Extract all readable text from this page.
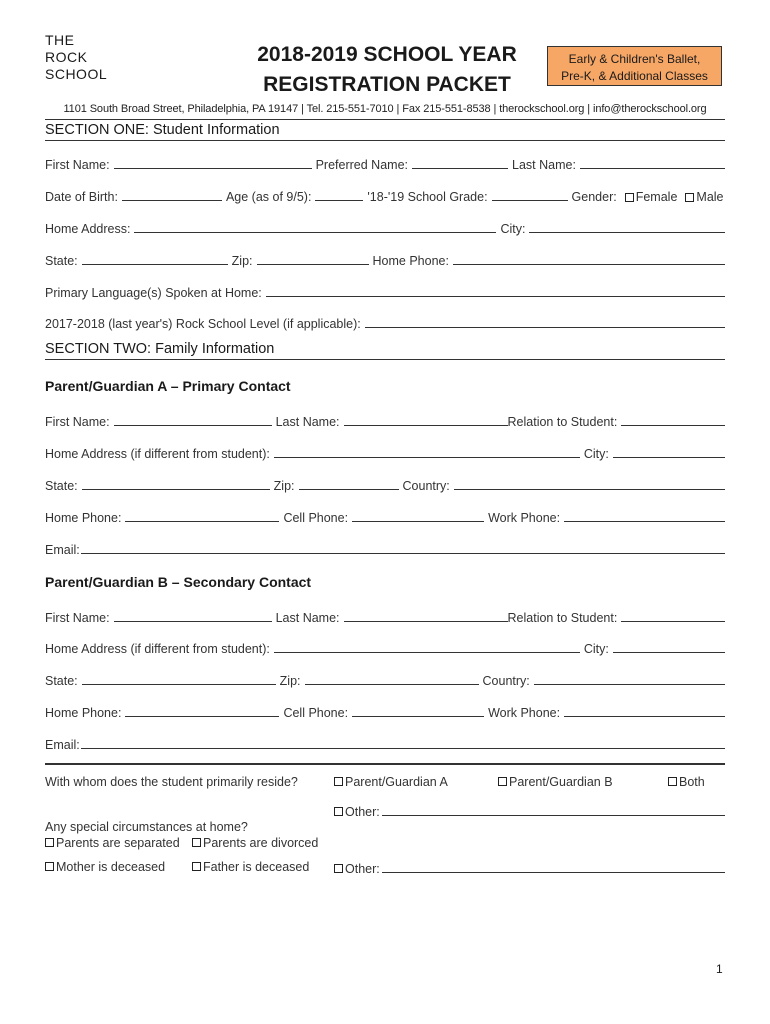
THE
ROCK
SCHOOL
2018-2019 SCHOOL YEAR
REGISTRATION PACKET
Early & Children's Ballet,
Pre-K, & Additional Classes
1101 South Broad Street, Philadelphia, PA 19147 | Tel. 215-551-7010 | Fax 215-551-8538 | therockschool.org | info@therockschool.org
SECTION ONE: Student Information
First Name:	Preferred Name:	Last Name:
Date of Birth:	Age (as of 9/5):	'18-'19 School Grade:	Gender:	Female Male
Home Address:	City:
State:	Zip:	Home Phone:
Primary Language(s) Spoken at Home:
2017-2018 (last year's) Rock School Level (if applicable):
SECTION TWO: Family Information
Parent/Guardian A – Primary Contact
First Name:	Last Name:	Relation to Student:
Home Address (if different from student):	City:
State:	Zip:	Country:
Home Phone:	Cell Phone:	Work Phone:
Email:
Parent/Guardian B – Secondary Contact
First Name:	Last Name:	Relation to Student:
Home Address (if different from student):	City:
State:	Zip:	Country:
Home Phone:	Cell Phone:	Work Phone:
Email:
With whom does the student primarily reside?	Parent/Guardian A	Parent/Guardian B	Both
Other:
Any special circumstances at home?
Parents are separated	Parents are divorced
Mother is deceased	Father is deceased	Other:
1
